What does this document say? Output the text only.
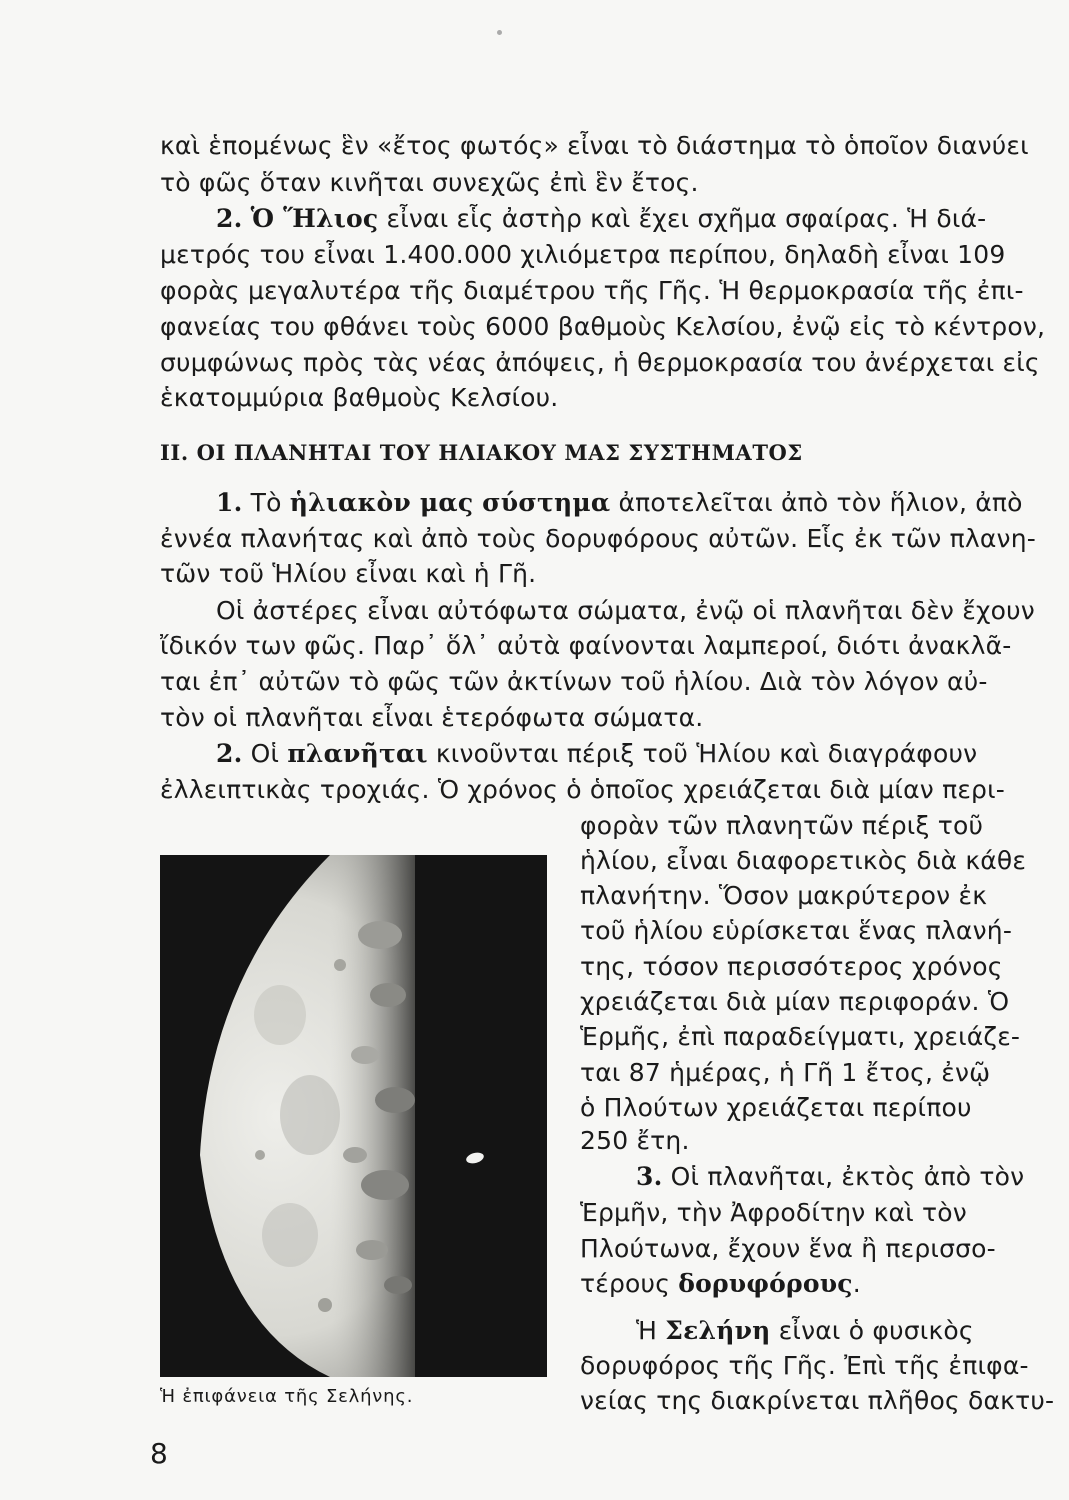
καὶ ἑπομένως ἓν «ἔτος φωτός» εἶναι τὸ διάστημα τὸ ὁποῖον διανύει
τὸ φῶς ὅταν κινῆται συνεχῶς ἐπὶ ἓν ἔτος.
2. Ὁ Ἥλιος εἶναι εἷς ἀστὴρ καὶ ἔχει σχῆμα σφαίρας. Ἡ διά-
μετρός του εἶναι 1.400.000 χιλιόμετρα περίπου, δηλαδὴ εἶναι 109
φορὰς μεγαλυτέρα τῆς διαμέτρου τῆς Γῆς. Ἡ θερμοκρασία τῆς ἐπι-
φανείας του φθάνει τοὺς 6000 βαθμοὺς Κελσίου, ἐνῷ εἰς τὸ κέντρον,
συμφώνως πρὸς τὰς νέας ἀπόψεις, ἡ θερμοκρασία του ἀνέρχεται εἰς
ἑκατομμύρια βαθμοὺς Κελσίου.
II. ΟΙ ΠΛΑΝΗΤΑΙ ΤΟΥ ΗΛΙΑΚΟΥ ΜΑΣ ΣΥΣΤΗΜΑΤΟΣ
1. Τὸ ἡλιακὸν μας σύστημα ἀποτελεῖται ἀπὸ τὸν ἥλιον, ἀπὸ
ἐννέα πλανήτας καὶ ἀπὸ τοὺς δορυφόρους αὐτῶν. Εἷς ἐκ τῶν πλανη-
τῶν τοῦ Ἡλίου εἶναι καὶ ἡ Γῆ.
Οἱ ἀστέρες εἶναι αὐτόφωτα σώματα, ἐνῷ οἱ πλανῆται δὲν ἔχουν
ἴδικόν των φῶς. Παρ᾿ ὅλ᾿ αὐτὰ φαίνονται λαμπεροί, διότι ἀνακλᾶ-
ται ἐπ᾿ αὐτῶν τὸ φῶς τῶν ἀκτίνων τοῦ ἡλίου. Διὰ τὸν λόγον αὐ-
τὸν οἱ πλανῆται εἶναι ἑτερόφωτα σώματα.
2. Οἱ πλανῆται κινοῦνται πέριξ τοῦ Ἡλίου καὶ διαγράφουν
ἐλλειπτικὰς τροχιάς. Ὁ χρόνος ὁ ὁποῖος χρειάζεται διὰ μίαν περι-
φορὰν τῶν πλανητῶν πέριξ τοῦ
ἡλίου, εἶναι διαφορετικὸς διὰ κάθε
πλανήτην. Ὅσον μακρύτερον ἐκ
τοῦ ἡλίου εὑρίσκεται ἕνας πλανή-
της, τόσον περισσότερος χρόνος
χρειάζεται διὰ μίαν περιφοράν. Ὁ
Ἑρμῆς, ἐπὶ παραδείγματι, χρειάζε-
ται 87 ἡμέρας, ἡ Γῆ 1 ἔτος, ἐνῷ
ὁ Πλούτων χρειάζεται περίπου
250 ἔτη.
3. Οἱ πλανῆται, ἐκτὸς ἀπὸ τὸν
Ἑρμῆν, τὴν Ἀφροδίτην καὶ τὸν
Πλούτωνα, ἔχουν ἕνα ἢ περισσο-
τέρους δορυφόρους.
Ἡ Σελήνη εἶναι ὁ φυσικὸς
δορυφόρος τῆς Γῆς. Ἐπὶ τῆς ἐπιφα-
νείας της διακρίνεται πλῆθος δακτυ-
Ἡ ἐπιφάνεια τῆς Σελήνης.
8
